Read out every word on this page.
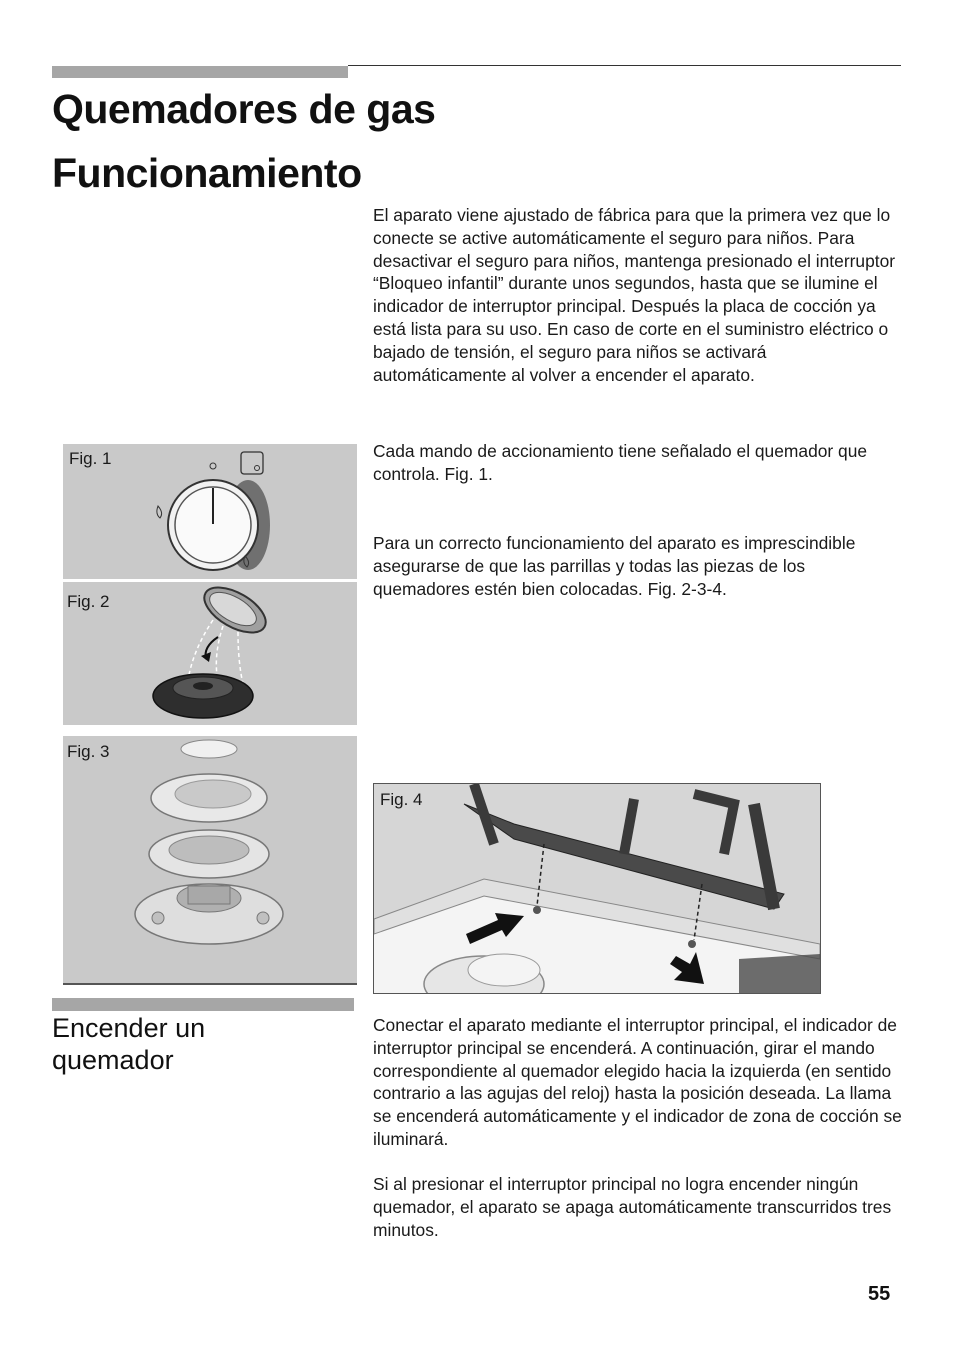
Quemadores de gas
Funcionamiento

El aparato viene ajustado de fábrica para que la primera vez que lo conecte se active automáticamente el seguro para niños. Para desactivar el seguro para niños, mantenga presionado el interruptor “Bloqueo infantil” durante unos segundos, hasta que se ilumine el indicador de interruptor principal. Después la placa de cocción ya está lista para su uso. En caso de corte en el suministro eléctrico o bajado de tensión, el seguro para niños se activará automáticamente al volver a encender el aparato.

Cada mando de accionamiento tiene señalado el quemador que controla. Fig. 1.

Para un correcto funcionamiento del aparato es imprescindible asegurarse de que las parrillas y todas las piezas de los quemadores estén bien colocadas. Fig. 2-3-4.

Fig. 1
Fig. 2
Fig. 3
Fig. 4
Encender un
quemador

Conectar el aparato mediante el interruptor principal, el indicador de interruptor principal se encenderá. A continuación, girar el mando correspondiente al quemador elegido hacia la izquierda (en sentido contrario a las agujas del reloj) hasta la posición deseada. La llama se encenderá automáticamente y el indicador de zona de cocción se iluminará.

Si al presionar el interruptor principal no logra encender ningún quemador, el aparato se apaga automáticamente transcurridos tres minutos.

55
